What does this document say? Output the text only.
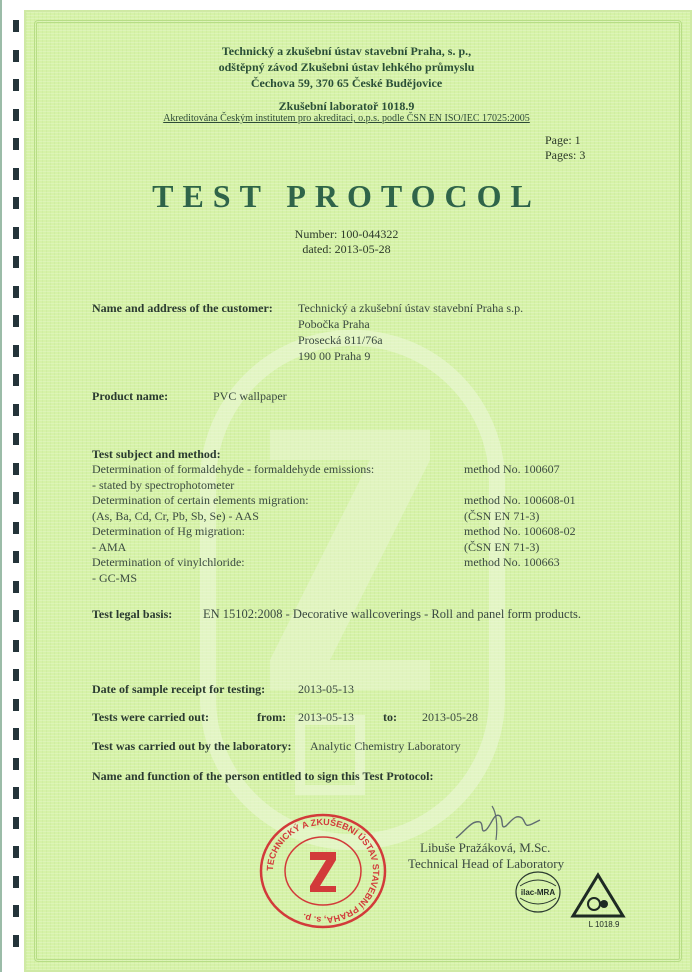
Technický a zkušební ústav stavební Praha, s. p.,
odštěpný závod Zkušebnі ústav lehkého průmyslu
Čechova 59, 370 65 České Budějovice
Zkušební laboratoř 1018.9
Akreditována Českým institutem pro akreditaci, o.p.s. podle ČSN EN ISO/IEC 17025:2005
Page: 1
Pages: 3
TEST PROTOCOL
Number: 100-044322
dated: 2013-05-28
Name and address of the customer: Technický a zkušební ústav stavební Praha s.p.
Pobočka Praha
Prosecká 811/76a
190 00 Praha 9
Product name:	PVC wallpaper
Test subject and method:
Determination of formaldehyde - formaldehyde emissions:	method No. 100607
- stated by spectrophotometer
Determination of certain elements migration:	method No. 100608-01
(As, Ba, Cd, Cr, Pb, Sb, Se) - AAS	(ČSN EN 71-3)
Determination of Hg migration:	method No. 100608-02
- AMA	(ČSN EN 71-3)
Determination of vinylchloride:	method No. 100663
- GC-MS
Test legal basis: EN 15102:2008 - Decorative wallcoverings - Roll and panel form products.
Date of sample receipt for testing:	2013-05-13
Tests were carried out:	from: 2013-05-13 to: 2013-05-28
Test was carried out by the laboratory: Analytic Chemistry Laboratory
Name and function of the person entitled to sign this Test Protocol:
Libuše Pražáková, M.Sc.
Technical Head of Laboratory
TECHNICKÝ A ZKUŠEBNÍ ÚSTAV STAVEBNÍ PRAHA, s. p.
ilac-MRA
L 1018.9
